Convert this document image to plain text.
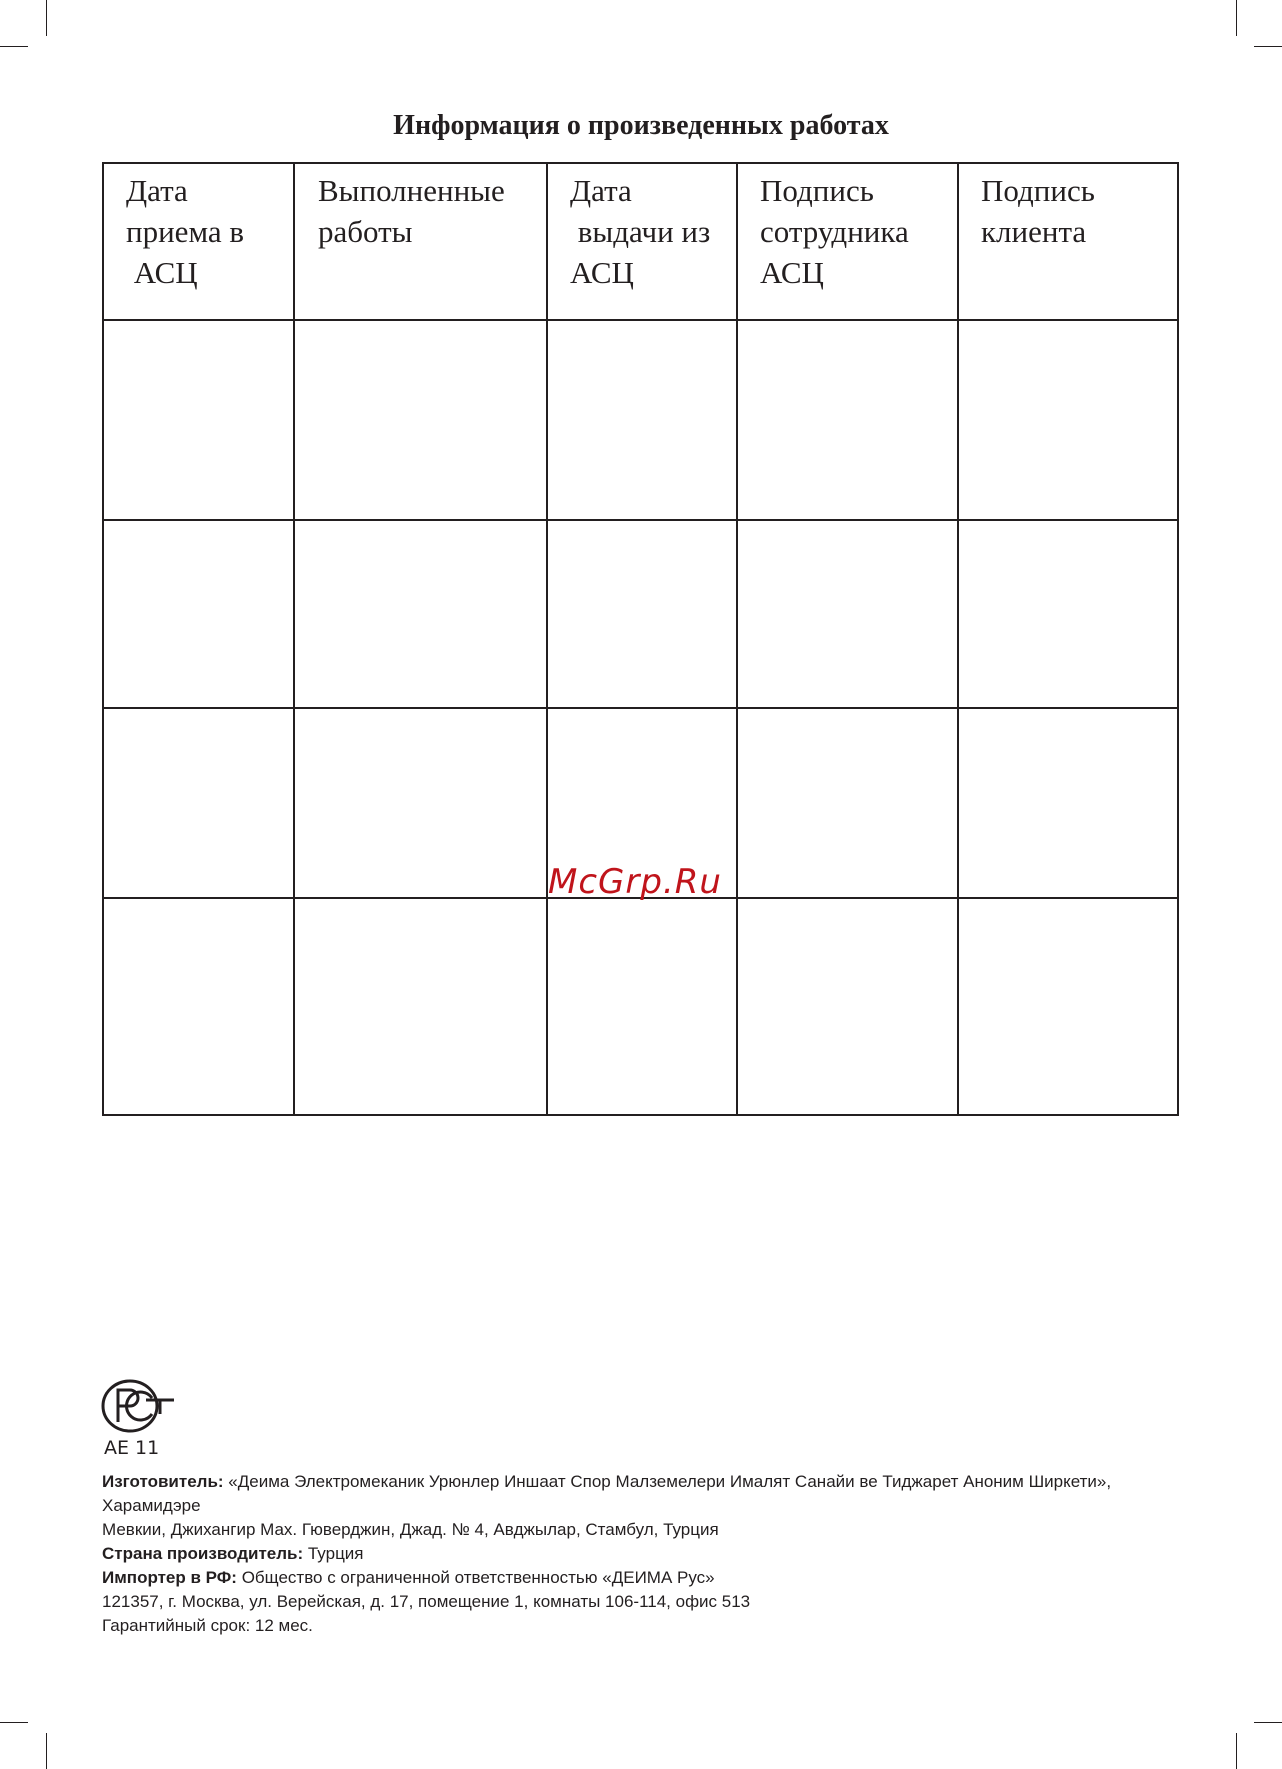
Информация о произведенных работах
Дата
приема в
АСЦ
Выполненные
работы
Дата
выдачи из
АСЦ
Подпись
сотрудника
АСЦ
Подпись
клиента
McGrp.Ru
AE 11
Изготовитель: «Деима Электромеканик Урюнлер Иншаат Спор Малземелери Ималят Санайи ве Тиджарет Аноним Ширкети», Харамидэре
Мевкии, Джихангир Мах. Гюверджин, Джад. № 4, Авджылар, Стамбул, Турция
Страна производитель: Турция
Импортер в РФ: Общество с ограниченной ответственностью «ДЕИМА Рус»
121357, г. Москва, ул. Верейская, д. 17, помещение 1, комнаты 106-114, офис 513
Гарантийный срок: 12 мес.
